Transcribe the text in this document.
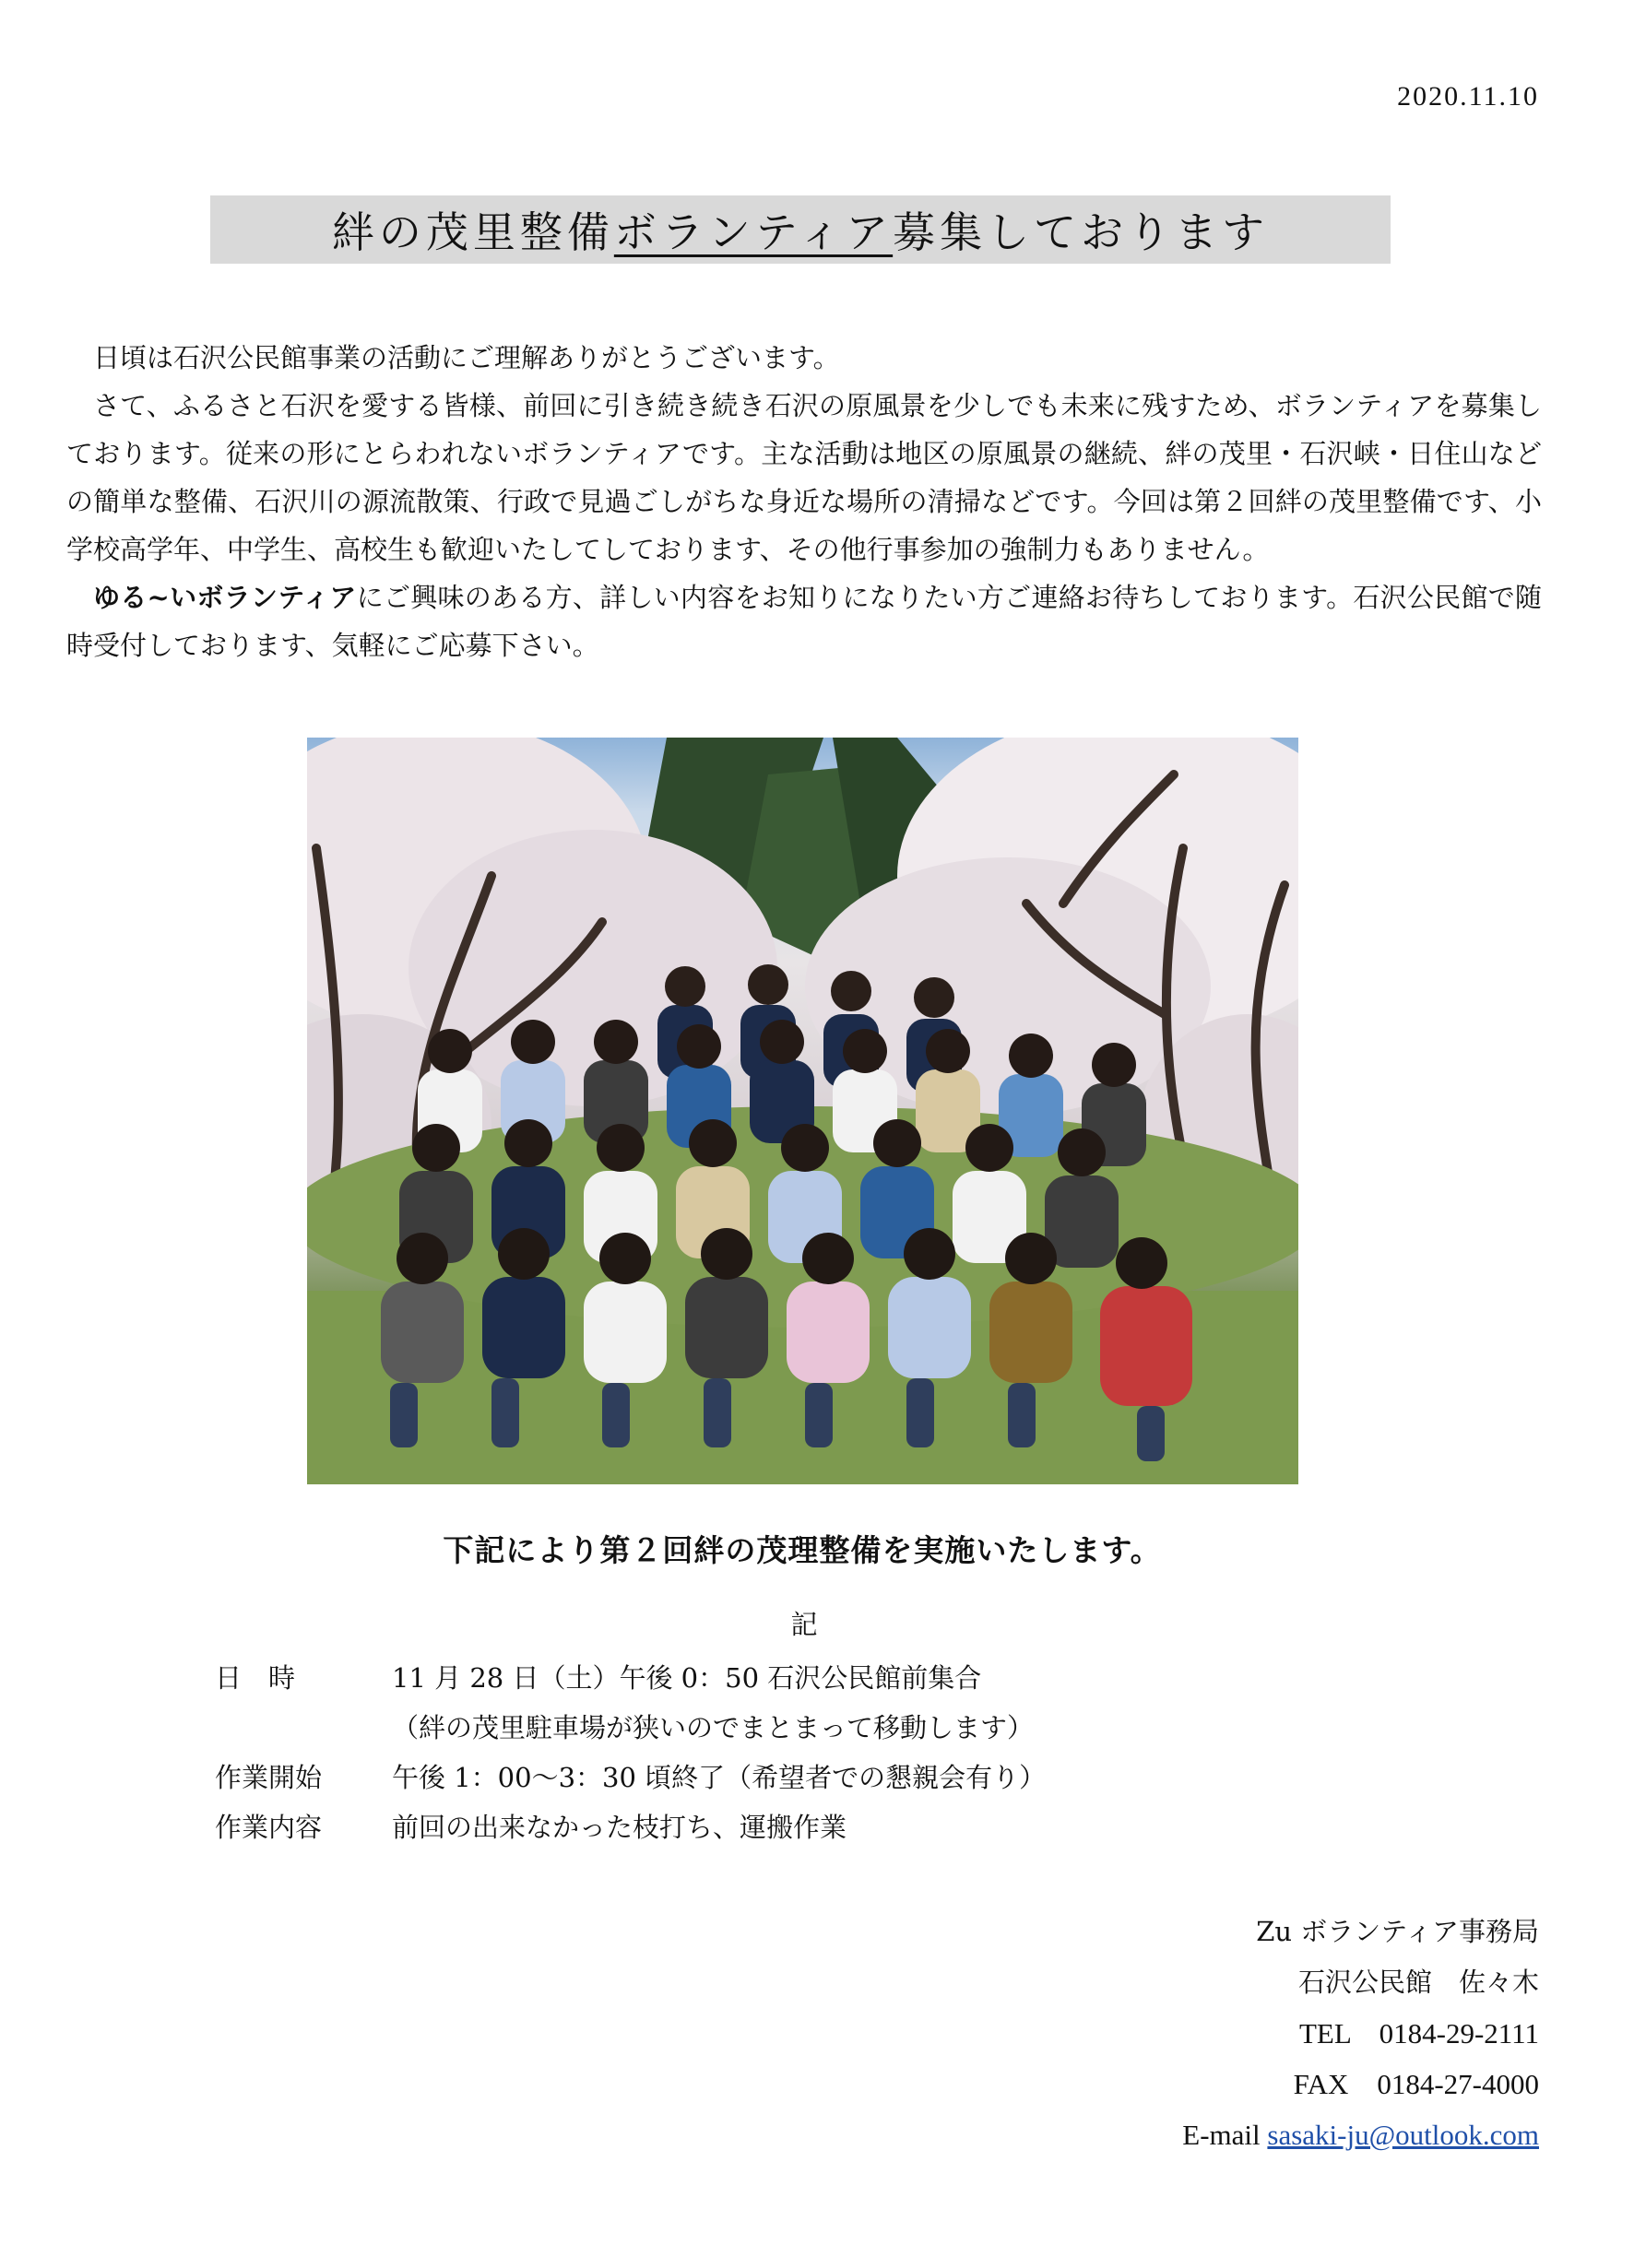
2020.11.10
絆の茂里整備 ボランティア 募集しております

日頃は石沢公民館事業の活動にご理解ありがとうございます。

さて、ふるさと石沢を愛する皆様、前回に引き続き続き石沢の原風景を少しでも未来に残すため、ボランティアを募集しております。従来の形にとらわれないボランティアです。主な活動は地区の原風景の継続、絆の茂里・石沢峡・日住山などの簡単な整備、石沢川の源流散策、行政で見過ごしがちな身近な場所の清掃などです。今回は第２回絆の茂里整備です、小学校高学年、中学生、高校生も歓迎いたしてしております、その他行事参加の強制力もありません。

ゆる~いボランティアにご興味のある方、詳しい内容をお知りになりたい方ご連絡お待ちしております。石沢公民館で随時受付しております、気軽にご応募下さい。

下記により第２回絆の茂理整備を実施いたします。
記
日　時	11 月 28 日（土）午後 0：50 石沢公民館前集合
（絆の茂里駐車場が狭いのでまとまって移動します）
作業開始	午後 1：00〜3：30 頃終了（希望者での懇親会有り）
作業内容	前回の出来なかった枝打ち、運搬作業
Zu ボランティア事務局
石沢公民館　佐々木
TEL　0184-29-2111
FAX　0184-27-4000
E-mail sasaki-ju@outlook.com
